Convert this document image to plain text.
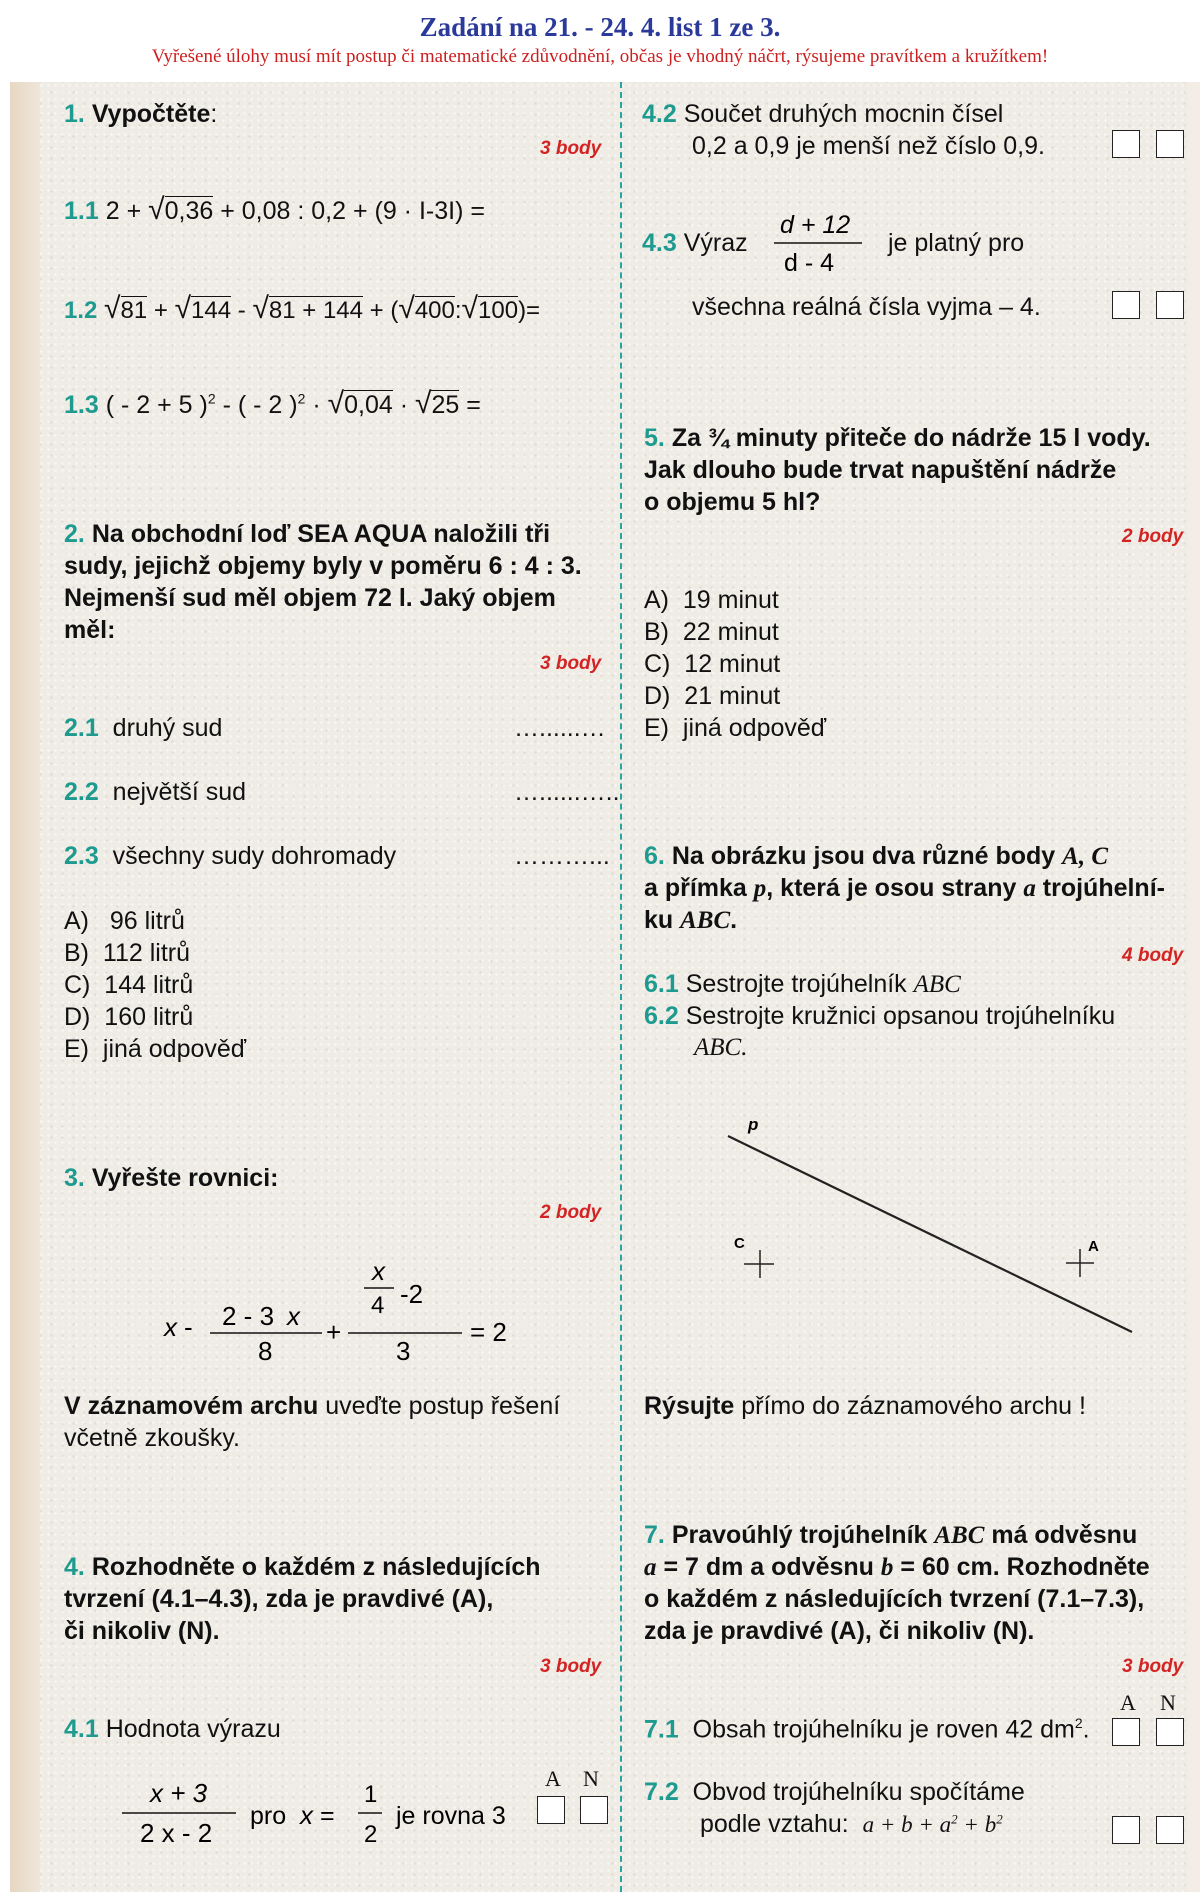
Zadání na 21. - 24. 4. list 1 ze 3.
Vyřešené úlohy musí mít postup či matematické zdůvodnění, občas je vhodný náčrt, rýsujeme pravítkem a kružítkem!
1. Vypočtěte:
3 body
1.1 2 + √0,36 + 0,08 : 0,2 + (9 · I-3I) =
1.2 √81 + √144 - √81 + 144 + (√400:√100)=
1.3 ( - 2 + 5 )$^2$ - ( - 2 )$^2$ · √0,04 · √25 =
2. Na obchodní loď SEA AQUA naložili tři
sudy, jejichž objemy byly v poměru 6 : 4 : 3.
Nejmenší sud měl objem 72 l. Jaký objem
měl:
3 body
2.1 druhý sud	…......…
2.2 největší sud	…......…..
2.3 všechny sudy dohromady	………...
A) 96 litrů
B) 112 litrů
C) 144 litrů
D) 160 litrů
E) jiná odpověď
3. Vyřešte rovnici:
2 body
x - 2 - 3 x
8
+
x
4 -2
3
= 2
V záznamovém archu uveďte postup řešení
včetně zkoušky.
4. Rozhodněte o každém z následujících
tvrzení (4.1–4.3), zda je pravdivé (A),
či nikoliv (N).
3 body
4.1 Hodnota výrazu
x + 3
2 x - 2
pro x =
1
2
je rovna 3
A N
4.2 Součet druhých mocnin čísel
0,2 a 0,9 je menší než číslo 0,9.
4.3 Výraz
d + 12
d - 4
je platný pro
všechna reálná čísla vyjma – 4.
5. Za ¾ minuty přiteče do nádrže 15 l vody.
Jak dlouho bude trvat napuštění nádrže
o objemu 5 hl?
2 body
A) 19 minut
B) 22 minut
C) 12 minut
D) 21 minut
E) jiná odpověď
6. Na obrázku jsou dva různé body A, C
a přímka p, která je osou strany a trojúhelní-
ku ABC.
4 body
6.1 Sestrojte trojúhelník ABC
6.2 Sestrojte kružnici opsanou trojúhelníku
ABC.
p
C	A
Rýsujte přímo do záznamového archu !
7. Pravoúhlý trojúhelník ABC má odvěsnu
a = 7 dm a odvěsnu b = 60 cm. Rozhodněte
o každém z následujících tvrzení (7.1–7.3),
zda je pravdivé (A), či nikoliv (N).
3 body
A N
7.1 Obsah trojúhelníku je roven 42 $dm^2$.
7.2 Obvod trojúhelníku spočítáme
podle vztahu: $a + b + a^2 + b^2$
